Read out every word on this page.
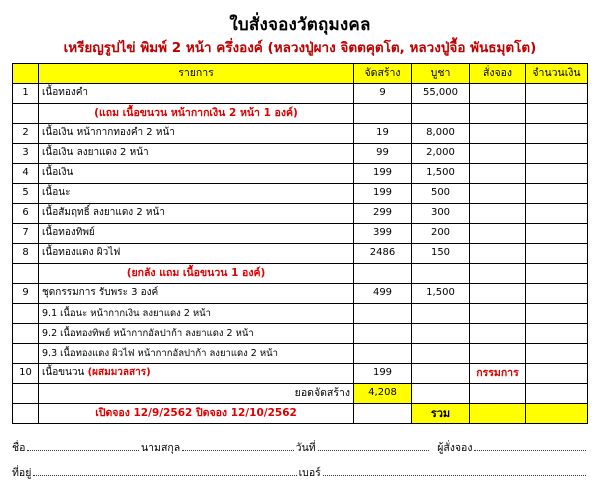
ใบสั่งจองวัตถุมงคล
เหรียญรูปไข่ พิมพ์ 2 หน้า ครึ่งองค์ (หลวงปู่ผาง จิตตคุตโต, หลวงปู่จื้อ พันธมุตโต)
	รายการ	จัดสร้าง	บูชา	สั่งจอง	จำนวนเงิน
1	เนื้อทองคำ	9	55,000		
	(แถม เนื้อขนวน หน้ากากเงิน 2 หน้า 1 องค์)				
2	เนื้อเงิน หน้ากากทองคำ 2 หน้า	19	8,000		
3	เนื้อเงิน ลงยาแดง 2 หน้า	99	2,000		
4	เนื้อเงิน	199	1,500		
5	เนื้อนะ	199	500		
6	เนื้อสัมฤทธิ์ ลงยาแดง 2 หน้า	299	300		
7	เนื้อทองทิพย์	399	200		
8	เนื้อทองแดง ผิวไฟ	2486	150		
	(ยกลัง แถม เนื้อขนวน 1 องค์)				
9	ชุดกรรมการ รับพระ 3 องค์	499	1,500		
	9.1 เนื้อนะ หน้ากากเงิน ลงยาแดง 2 หน้า				
	9.2 เนื้อทองทิพย์ หน้ากากอัลปาก้า ลงยาแดง 2 หน้า				
	9.3 เนื้อทองแดง ผิวไฟ หน้ากากอัลปาก้า ลงยาแดง 2 หน้า				
10	เนื้อขนวน (ผสมมวลสาร)	199		กรรมการ	
	ยอดจัดสร้าง	4,208			
	เปิดจอง 12/9/2562 ปิดจอง 12/10/2562		รวม		
ชื่อ	นามสกุล	วันที่	ผู้สั่งจอง
ที่อยู่	เบอร์
